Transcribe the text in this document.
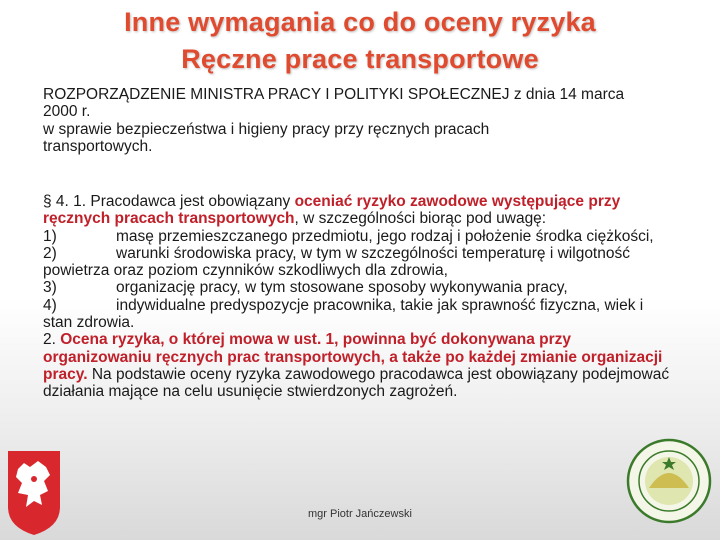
Inne wymagania co do oceny ryzyka
Ręczne prace transportowe
ROZPORZĄDZENIE MINISTRA PRACY I POLITYKI SPOŁECZNEJ z dnia 14 marca
2000 r.
w sprawie bezpieczeństwa i higieny pracy przy ręcznych pracach
transportowych.
§ 4. 1. Pracodawca jest obowiązany oceniać ryzyko zawodowe występujące przy ręcznych pracach transportowych, w szczególności biorąc pod uwagę:
1)	masę przemieszczanego przedmiotu, jego rodzaj i położenie środka ciężkości,
2)	warunki środowiska pracy, w tym w szczególności temperaturę i wilgotność powietrza oraz poziom czynników szkodliwych dla zdrowia,
3)	organizację pracy, w tym stosowane sposoby wykonywania pracy,
4)	indywidualne predyspozycje pracownika, takie jak sprawność fizyczna, wiek i stan zdrowia.
2. Ocena ryzyka, o której mowa w ust. 1, powinna być dokonywana przy organizowaniu ręcznych prac transportowych, a także po każdej zmianie organizacji pracy. Na podstawie oceny ryzyka zawodowego pracodawca jest obowiązany podejmować działania mające na celu usunięcie stwierdzonych zagrożeń.
mgr Piotr Jańczewski
